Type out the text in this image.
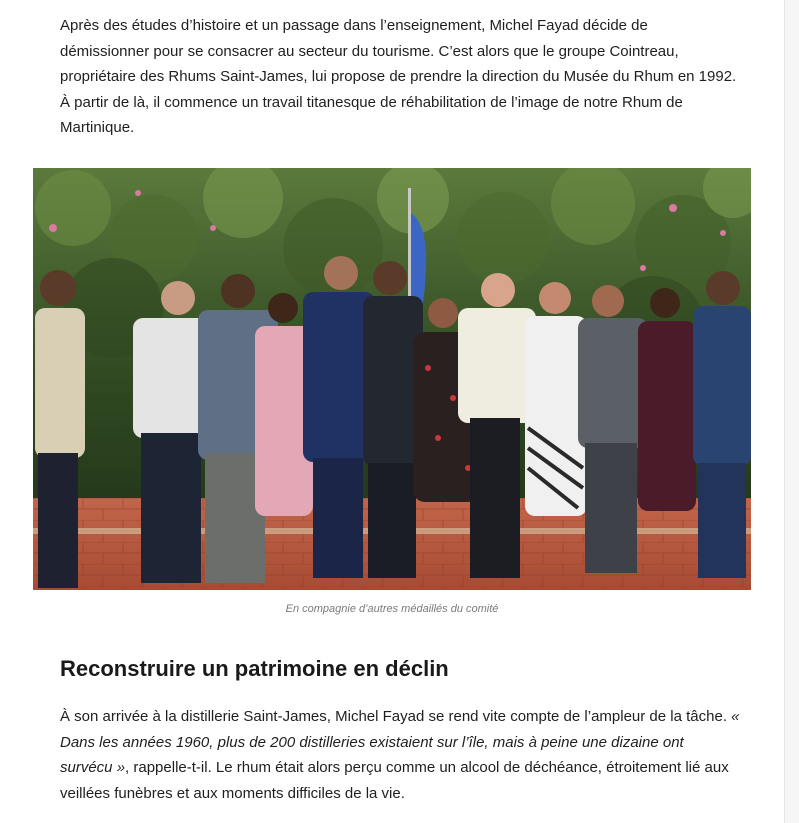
Après des études d’histoire et un passage dans l’enseignement, Michel Fayad décide de démissionner pour se consacrer au secteur du tourisme. C’est alors que le groupe Cointreau, propriétaire des Rhums Saint-James, lui propose de prendre la direction du Musée du Rhum en 1992. À partir de là, il commence un travail titanesque de réhabilitation de l’image de notre Rhum de Martinique.

En compagnie d’autres médaillés du comité
Reconstruire un patrimoine en déclin

À son arrivée à la distillerie Saint-James, Michel Fayad se rend vite compte de l’ampleur de la tâche. « Dans les années 1960, plus de 200 distilleries existaient sur l’île, mais à peine une dizaine ont survécu », rappelle-t-il. Le rhum était alors perçu comme un alcool de déchéance, étroitement lié aux veillées funèbres et aux moments difficiles de la vie.
